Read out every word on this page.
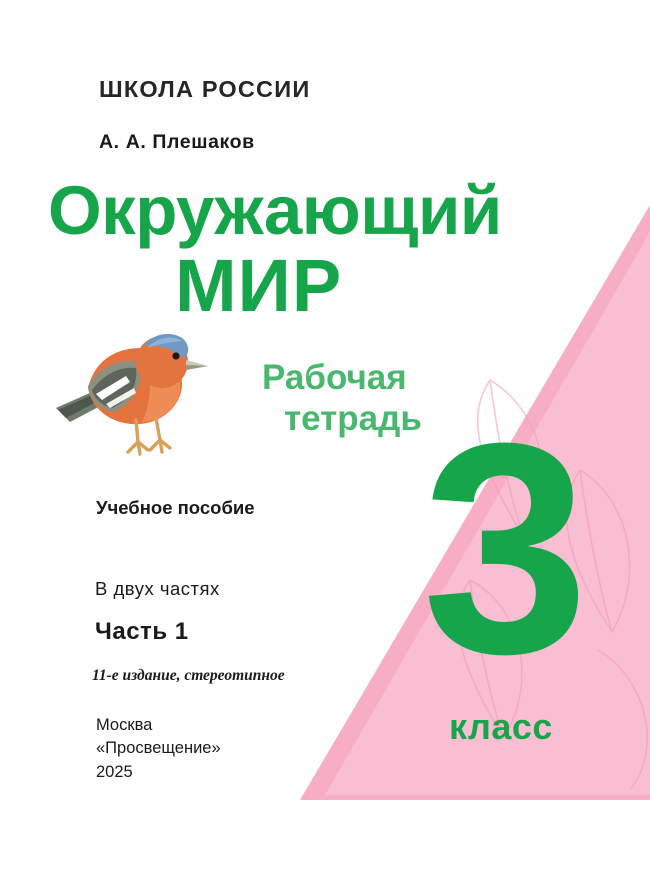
ШКОЛА РОССИИ
А. А. Плешаков
Окружающий
МИР
Рабочая
тетрадь
Учебное пособие
В двух частях
Часть 1
11-е издание, стереотипное
Москва
«Просвещение»
2025
3
класс
